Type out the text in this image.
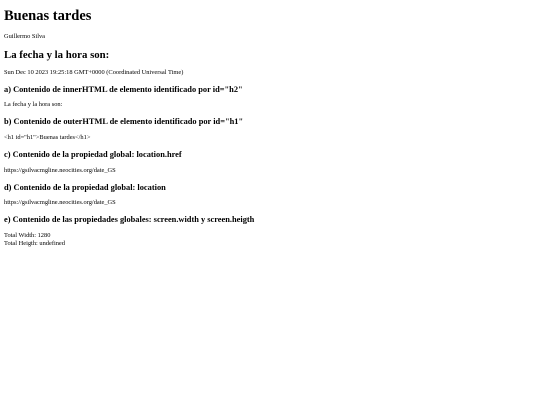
Buenas tardes

Guillermo Silva

La fecha y la hora son:

Sun Dec 10 2023 19:25:18 GMT+0000 (Coordinated Universal Time)

a) Contenido de innerHTML de elemento identificado por id="h2"

La fecha y la hora son:

b) Contenido de outerHTML de elemento identificado por id="h1"

<h1 id="h1">Buenas tardes</h1>

c) Contenido de la propiedad global: location.href

https://gsilvacmgline.neocities.org/date_GS

d) Contenido de la propiedad global: location

https://gsilvacmgline.neocities.org/date_GS

e) Contenido de las propiedades globales: screen.width y screen.heigth

Total Width: 1280

Total Heigth: undefined
